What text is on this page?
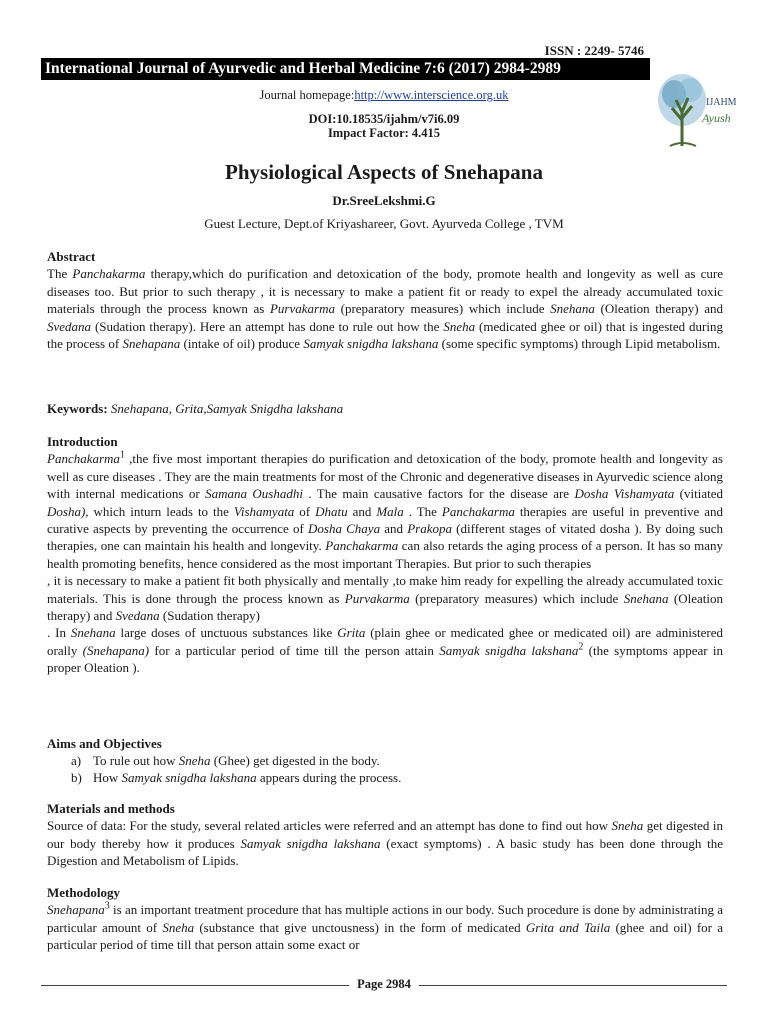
ISSN : 2249- 5746
International Journal of Ayurvedic and Herbal Medicine 7:6 (2017) 2984-2989
IJAHM
Ayush
Journal homepage:http://www.interscience.org.uk
DOI:10.18535/ijahm/v7i6.09
Impact Factor: 4.415
Physiological Aspects of Snehapana
Dr.SreeLekshmi.G
Guest Lecture, Dept.of Kriyashareer, Govt. Ayurveda College , TVM
Abstract
The Panchakarma therapy,which do purification and detoxication of the body, promote health and longevity as well as cure diseases too. But prior to such therapy , it is necessary to make a patient fit or ready to expel the already accumulated toxic materials through the process known as Purvakarma (preparatory measures) which include Snehana (Oleation therapy) and Svedana (Sudation therapy). Here an attempt has done to rule out how the Sneha (medicated ghee or oil) that is ingested during the process of Snehapana (intake of oil) produce Samyak snigdha lakshana (some specific symptoms) through Lipid metabolism.
Keywords: Snehapana, Grita,Samyak Snigdha lakshana
Introduction
Panchakarma$^1$ ,the five most important therapies do purification and detoxication of the body, promote health and longevity as well as cure diseases . They are the main treatments for most of the Chronic and degenerative diseases in Ayurvedic science along with internal medications or Samana Oushadhi . The main causative factors for the disease are Dosha Vishamyata (vitiated Dosha), which inturn leads to the Vishamyata of Dhatu and Mala . The Panchakarma therapies are useful in preventive and curative aspects by preventing the occurrence of Dosha Chaya and Prakopa (different stages of vitated dosha ). By doing such therapies, one can maintain his health and longevity. Panchakarma can also retards the aging process of a person. It has so many health promoting benefits, hence considered as the most important Therapies. But prior to such therapies
, it is necessary to make a patient fit both physically and mentally ,to make him ready for expelling the already accumulated toxic materials. This is done through the process known as Purvakarma (preparatory measures) which include Snehana (Oleation therapy) and Svedana (Sudation therapy)
. In Snehana large doses of unctuous substances like Grita (plain ghee or medicated ghee or medicated oil) are administered orally (Snehapana) for a particular period of time till the person attain Samyak snigdha lakshana$^2$ (the symptoms appear in proper Oleation ).
Aims and Objectives
a) To rule out how Sneha (Ghee) get digested in the body.
b) How Samyak snigdha lakshana appears during the process.
Materials and methods
Source of data: For the study, several related articles were referred and an attempt has done to find out how Sneha get digested in our body thereby how it produces Samyak snigdha lakshana (exact symptoms) . A basic study has been done through the Digestion and Metabolism of Lipids.
Methodology
Snehapana$^3$ is an important treatment procedure that has multiple actions in our body. Such procedure is done by administrating a particular amount of Sneha (substance that give unctousness) in the form of medicated Grita and Taila (ghee and oil) for a particular period of time till that person attain some exact or
Page 2984
